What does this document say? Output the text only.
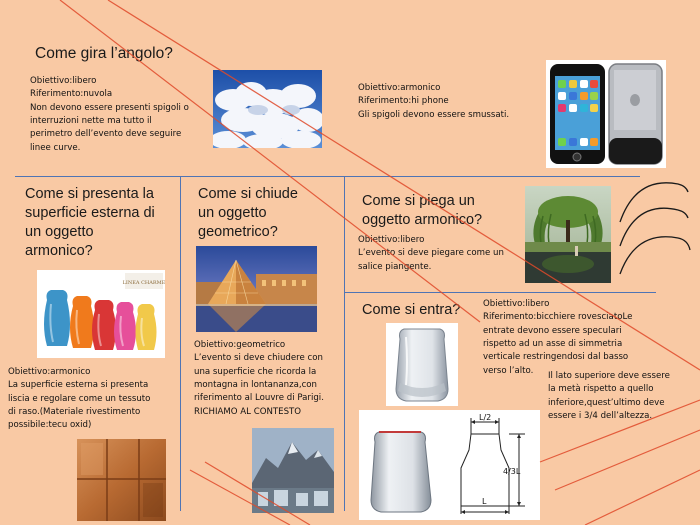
Come gira l’angolo?
Obiettivo:libero
Riferimento:nuvola
Non devono essere presenti spigoli o
interruzioni nette ma tutto il
perimetro dell’evento deve seguire
linee curve.
Obiettivo:armonico
Riferimento:hi phone
Gli spigoli devono essere smussati.
Come si presenta la
superficie esterna di
un oggetto
armonico?
LINEA CHARME
Obiettivo:armonico
La superficie esterna si presenta
liscia e regolare come un tessuto
di raso.(Materiale rivestimento
possibile:tecu oxid)
Come si chiude
un oggetto
geometrico?
Obiettivo:geometrico
L’evento si deve chiudere con
una superficie che ricorda la
montagna in lontananza,con
riferimento al Louvre di Parigi.
RICHIAMO AL CONTESTO
Come si piega un
oggetto armonico?
Obiettivo:libero
L’evento si deve piegare come un
salice piangente.
Come si entra?	Obiettivo:libero
Riferimento:bicchiere rovesciatoLe
entrate devono essere speculari
rispetto ad un asse di simmetria
verticale restringendosi dal basso
verso l’alto.
Il lato superiore deve essere
la metà rispetto a quello
inferiore,quest’ultimo deve
essere i 3/4 dell’altezza.
L/2
4/3L
L
